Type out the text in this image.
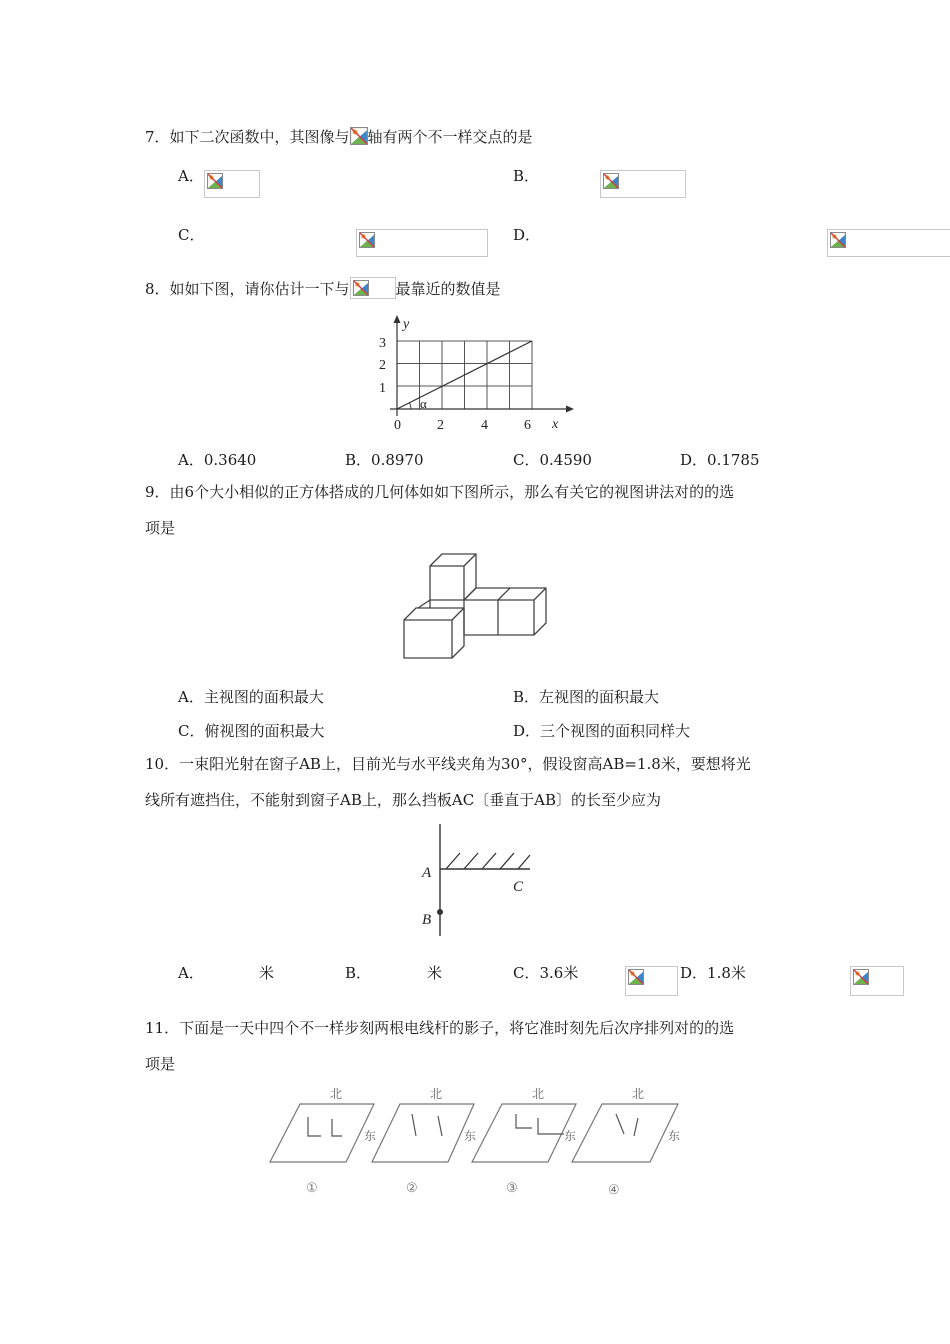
7．如下二次函数中，其图像与 轴有两个不一样交点的是
A．
	B．

C．
	D．

8．如如下图，请你估计一下与	最靠近的数值是
α
y
x
3
2
1
0	2	4	6
A．0.3640	B．0.8970	C．0.4590	D．0.1785
9．由6个大小相似的正方体搭成的几何体如如下图所示，那么有关它的视图讲法对的的选
项是
A．主视图的面积最大	B．左视图的面积最大
C．俯视图的面积最大	D．三个视图的面积同样大
10．一束阳光射在窗子AB上，目前光与水平线夹角为30°，假设窗高AB=1.8米，要想将光
线所有遮挡住，不能射到窗子AB上，那么挡板AC〔垂直于AB〕的长至少应为
A
B
C
A．
	米	B．	米	C．3.6米	D．1.8米
11．下面是一天中四个不一样步刻两根电线杆的影子，将它准时刻先后次序排列对的的选
项是
北	北	北	北
东	东	东	东
①	②	③	④
